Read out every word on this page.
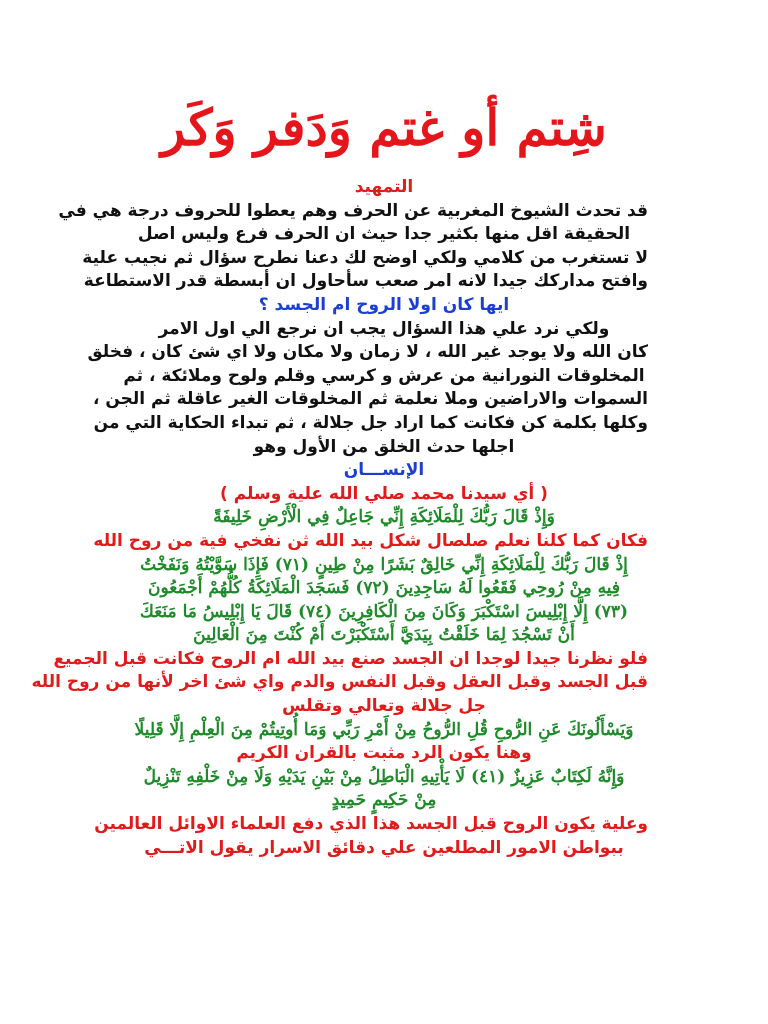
شِتم أو غتم وَدَفر وَكَر
التمهيد
قد تحدث الشيوخ المغربية عن الحرف وهم يعطوا للحروف درجة هي في
الحقيقة اقل منها بكثير جدا حيث ان الحرف فرع وليس اصل
لا تستغرب من كلامي ولكي اوضح لك دعنا نطرح سؤال ثم نجيب علية
وافتح مداركك جيدا لانه امر صعب سأحاول ان أبسطة قدر الاستطاعة
ايها كان اولا الروح ام الجسد ؟
ولكي نرد علي هذا السؤال يجب ان نرجع الي اول الامر
كان الله ولا يوجد غير الله ، لا زمان ولا مكان ولا اي شئ كان ، فخلق
المخلوقات النورانية من عرش و كرسي وقلم ولوح وملائكة ، ثم
السموات والاراضين وملا نعلمة ثم المخلوقات الغير عاقلة ثم الجن ،
وكلها بكلمة كن فكانت كما اراد جل جلالة ، ثم تبداء الحكاية التي من
اجلها حدث الخلق من الأول وهو
الإنســـان
( أي سيدنا محمد صلي الله علية وسلم )
وَإِذْ قَالَ رَبُّكَ لِلْمَلَائِكَةِ إِنِّي جَاعِلٌ فِي الْأَرْضِ خَلِيفَةً
فكان كما كلنا نعلم صلصال شكل بيد الله ثن نفخي فية من روح الله
إِذْ قَالَ رَبُّكَ لِلْمَلَائِكَةِ إِنِّي خَالِقٌ بَشَرًا مِنْ طِينٍ (٧١) فَإِذَا سَوَّيْتُهُ وَنَفَخْتُ
فِيهِ مِنْ رُوحِي فَقَعُوا لَهُ سَاجِدِينَ (٧٢) فَسَجَدَ الْمَلَائِكَةُ كُلُّهُمْ أَجْمَعُونَ
(٧٣) إِلَّا إِبْلِيسَ اسْتَكْبَرَ وَكَانَ مِنَ الْكَافِرِينَ (٧٤) قَالَ يَا إِبْلِيسُ مَا مَنَعَكَ
أَنْ تَسْجُدَ لِمَا خَلَقْتُ بِيَدَيَّ أَسْتَكْبَرْتَ أَمْ كُنْتَ مِنَ الْعَالِينَ
فلو نظرنا جيدا لوجدا ان الجسد صنع بيد الله ام الروح فكانت قبل الجميع
قبل الجسد وقبل العقل وقبل النفس والدم واي شئ اخر لأنها من روح الله
جل جلالة وتعالي وتقلس
وَيَسْأَلُونَكَ عَنِ الرُّوحِ قُلِ الرُّوحُ مِنْ أَمْرِ رَبِّي وَمَا أُوتِيتُمْ مِنَ الْعِلْمِ إِلَّا قَلِيلًا
وهنا يكون الرد مثبت بالقران الكريم
وَإِنَّهُ لَكِتَابٌ عَزِيزٌ (٤١) لَا يَأْتِيهِ الْبَاطِلُ مِنْ بَيْنِ يَدَيْهِ وَلَا مِنْ خَلْفِهِ تَنْزِيلٌ
مِنْ حَكِيمٍ حَمِيدٍ
وعلية يكون الروح قبل الجسد هذا الذي دفع العلماء الاوائل العالمين
ببواطن الامور المطلعين علي دقائق الاسرار يقول الاتـــي
